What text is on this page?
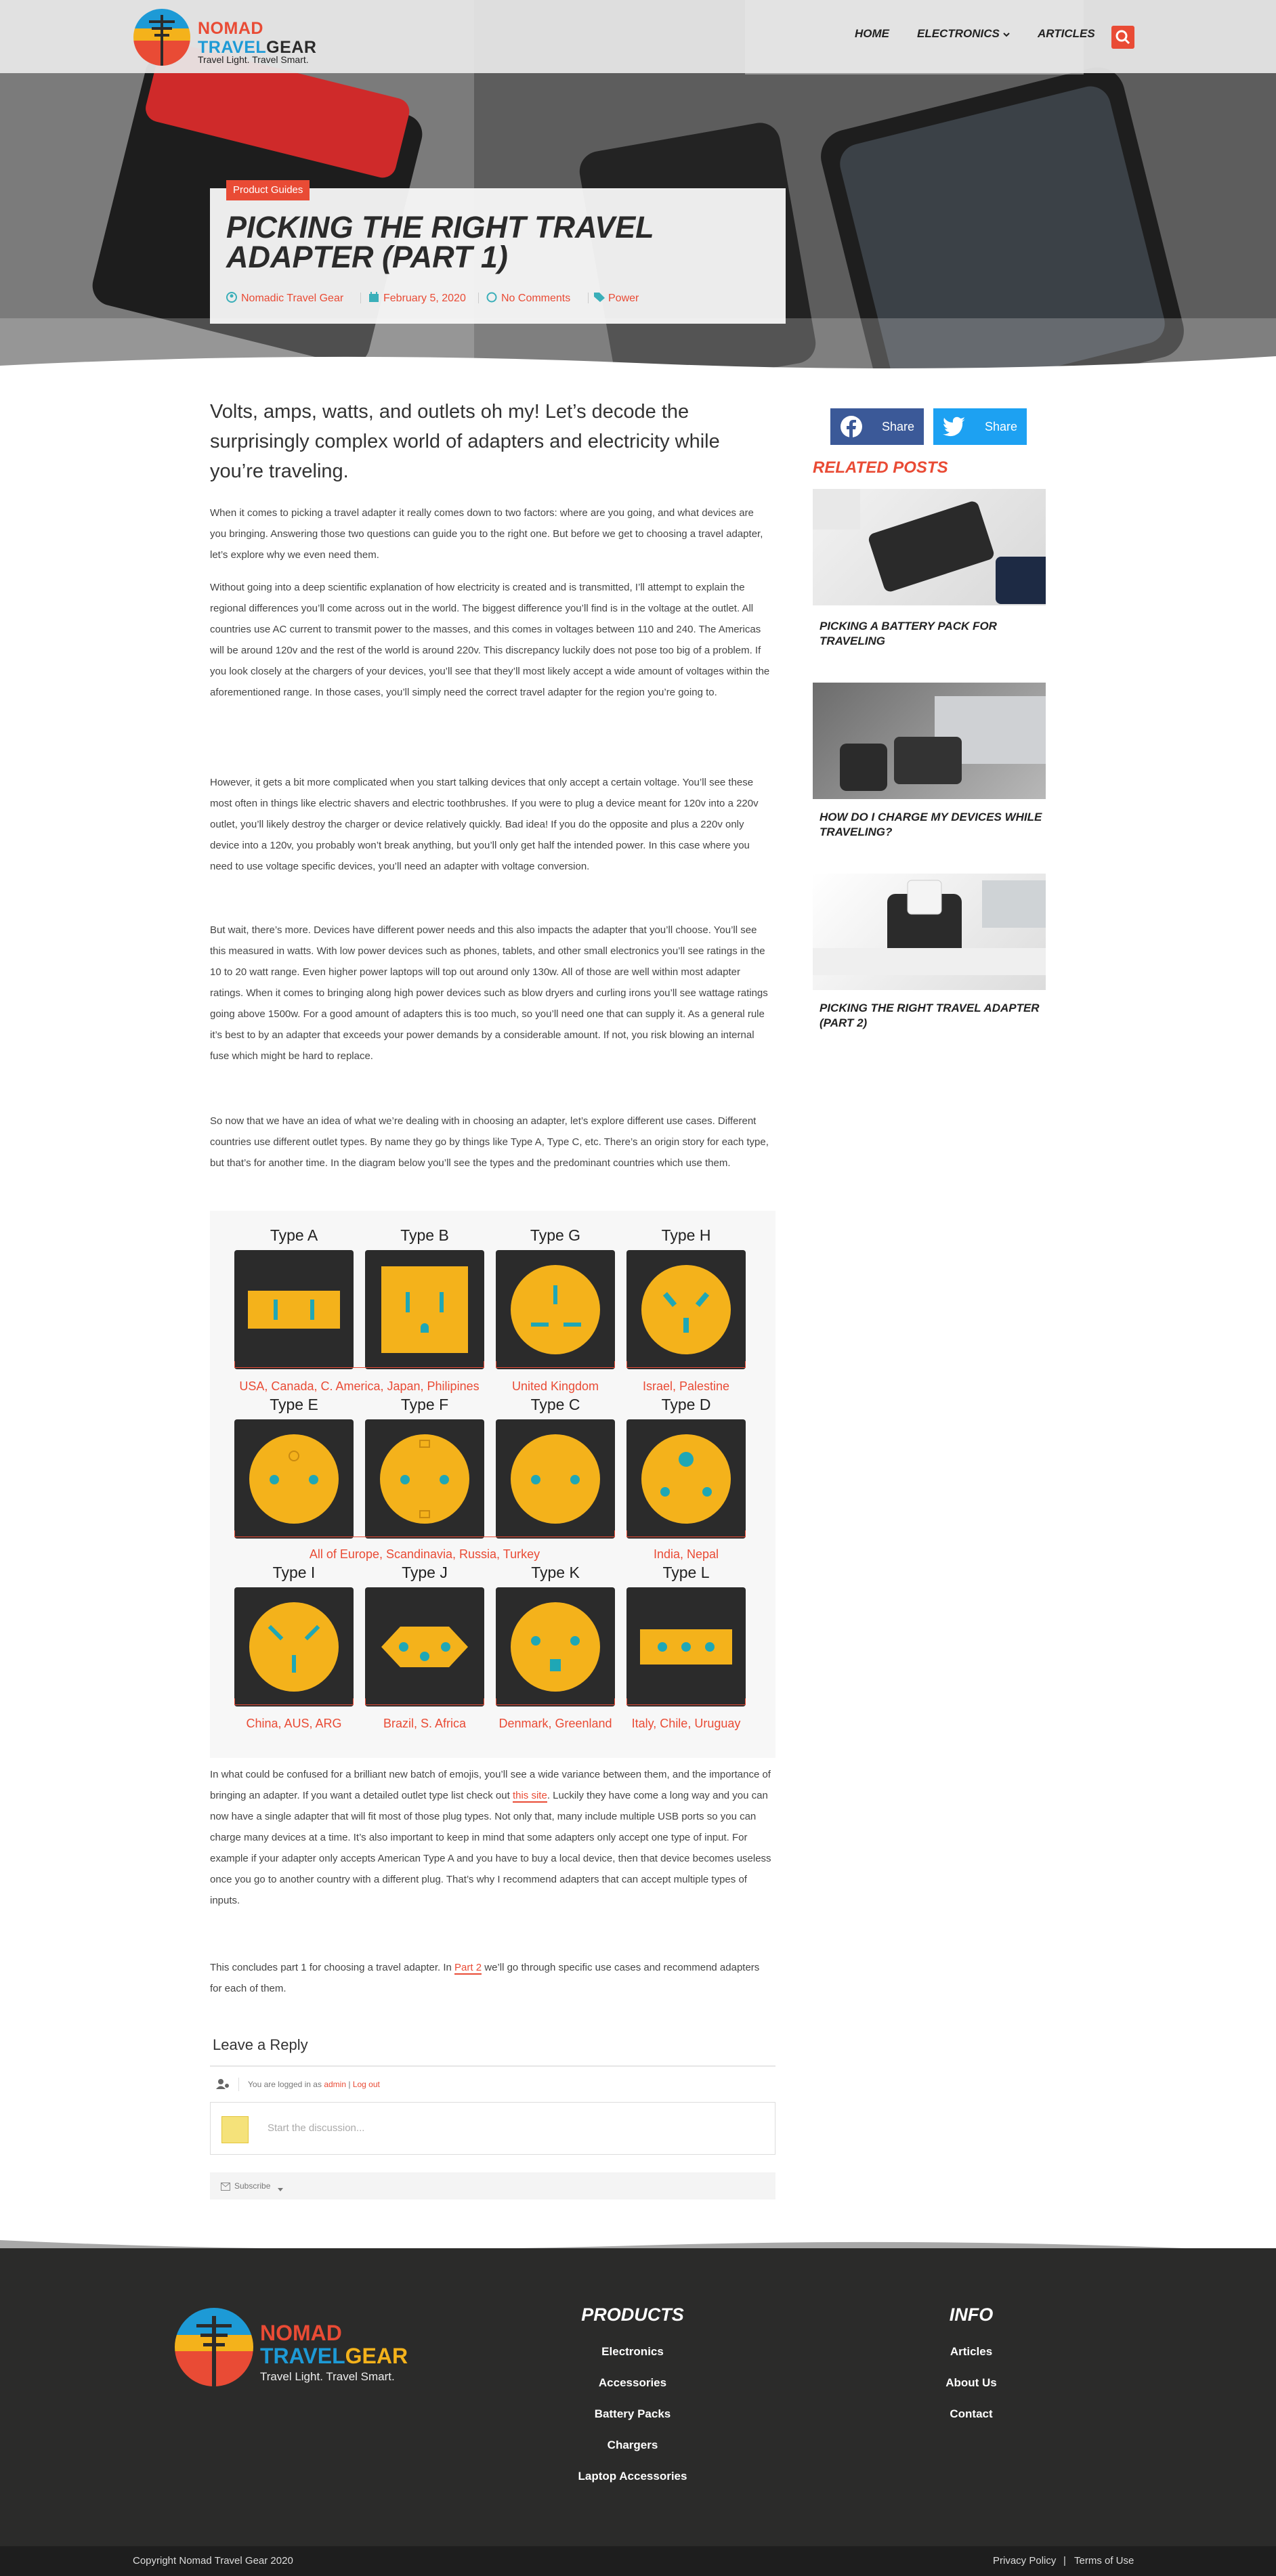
Product Guides
PICKING THE RIGHT TRAVEL
ADAPTER (PART 1)
Nomadic Travel Gear	February 5, 2020	No Comments	Power
NOMAD
TRAVELGEAR
Travel Light. Travel Smart.
HOME ELECTRONICS	ARTICLES
Volts, amps, watts, and outlets oh my! Let’s decode the surprisingly complex world of adapters and electricity while you’re traveling.
When it comes to picking a travel adapter it really comes down to two factors: where are you going, and what devices are you bringing. Answering those two questions can guide you to the right one. But before we get to choosing a travel adapter, let’s explore why we even need them.
Without going into a deep scientific explanation of how electricity is created and is transmitted, I’ll attempt to explain the regional differences you’ll come across out in the world. The biggest difference you’ll find is in the voltage at the outlet. All countries use AC current to transmit power to the masses, and this comes in voltages between 110 and 240. The Americas will be around 120v and the rest of the world is around 220v. This discrepancy luckily does not pose too big of a problem. If you look closely at the chargers of your devices, you’ll see that they’ll most likely accept a wide amount of voltages within the aforementioned range. In those cases, you’ll simply need the correct travel adapter for the region you’re going to.
However, it gets a bit more complicated when you start talking devices that only accept a certain voltage. You’ll see these most often in things like electric shavers and electric toothbrushes. If you were to plug a device meant for 120v into a 220v outlet, you’ll likely destroy the charger or device relatively quickly. Bad idea! If you do the opposite and plus a 220v only device into a 120v, you probably won’t break anything, but you’ll only get half the intended power. In this case where you need to use voltage specific devices, you’ll need an adapter with voltage conversion.
But wait, there’s more. Devices have different power needs and this also impacts the adapter that you’ll choose. You’ll see this measured in watts. With low power devices such as phones, tablets, and other small electronics you’ll see ratings in the 10 to 20 watt range. Even higher power laptops will top out around only 130w. All of those are well within most adapter ratings. When it comes to bringing along high power devices such as blow dryers and curling irons you’ll see wattage ratings going above 1500w. For a good amount of adapters this is too much, so you’ll need one that can supply it. As a general rule it’s best to by an adapter that exceeds your power demands by a considerable amount. If not, you risk blowing an internal fuse which might be hard to replace.
So now that we have an idea of what we’re dealing with in choosing an adapter, let’s explore different use cases. Different countries use different outlet types. By name they go by things like Type A, Type C, etc. There’s an origin story for each type, but that’s for another time. In the diagram below you’ll see the types and the predominant countries which use them.
Type A	Type B	Type G	Type H
USA, Canada, C. America, Japan, Philipines	United Kingdom	Israel, Palestine
Type E	Type F	Type C	Type D
All of Europe, Scandinavia, Russia, Turkey	India, Nepal
Type I	Type J	Type K	Type L
China, AUS, ARG	Brazil, S. Africa	Denmark, Greenland	Italy, Chile, Uruguay
In what could be confused for a brilliant new batch of emojis, you’ll see a wide variance between them, and the importance of bringing an adapter. If you want a detailed outlet type list check out this site. Luckily they have come a long way and you can now have a single adapter that will fit most of those plug types. Not only that, many include multiple USB ports so you can charge many devices at a time. It’s also important to keep in mind that some adapters only accept one type of input. For example if your adapter only accepts American Type A and you have to buy a local device, then that device becomes useless once you go to another country with a different plug. That’s why I recommend adapters that can accept multiple types of inputs.
This concludes part 1 for choosing a travel adapter. In Part 2 we’ll go through specific use cases and recommend adapters for each of them.
Leave a Reply
You are logged in as admin | Log out
Start the discussion...
Subscribe
Share	Share
RELATED POSTS
PICKING A BATTERY PACK FOR TRAVELING
HOW DO I CHARGE MY DEVICES WHILE TRAVELING?
PICKING THE RIGHT TRAVEL ADAPTER (PART 2)
NOMAD
TRAVELGEAR
Travel Light. Travel Smart.
PRODUCTS
Electronics
Accessories
Battery Packs
Chargers
Laptop Accessories
INFO
Articles
About Us
Contact
Copyright Nomad Travel Gear 2020	Privacy Policy | Terms of Use
